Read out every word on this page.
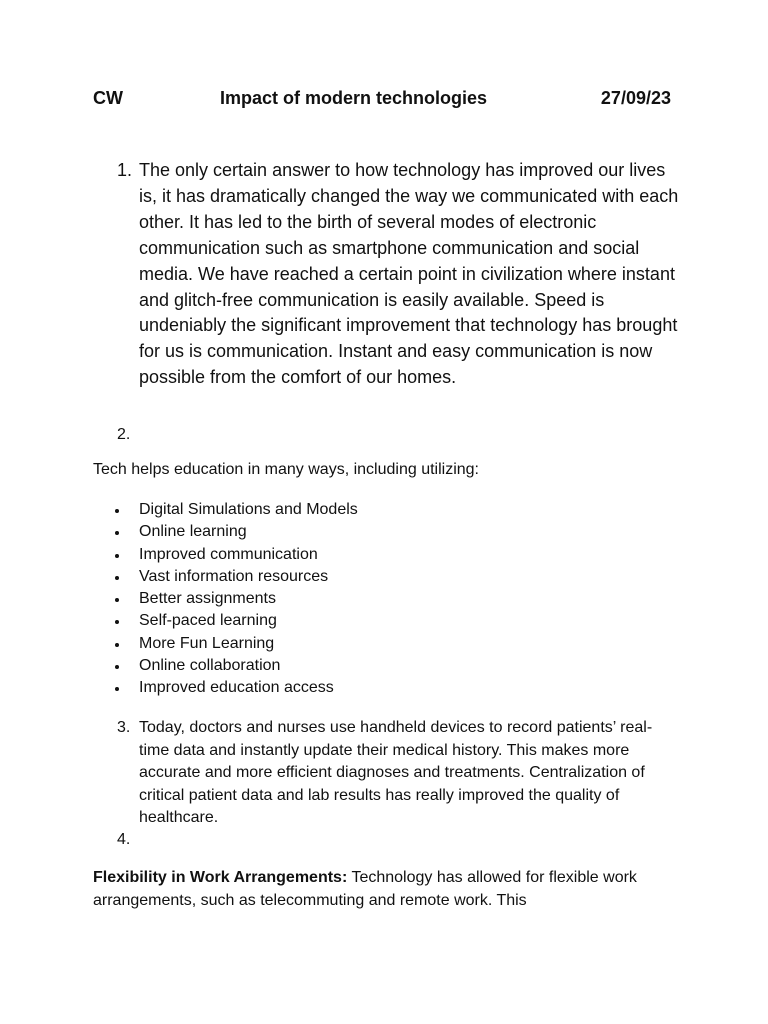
CW	Impact of modern technologies	27/09/23
1. The only certain answer to how technology has improved our lives is, it has dramatically changed the way we communicated with each other. It has led to the birth of several modes of electronic communication such as smartphone communication and social media. We have reached a certain point in civilization where instant and glitch-free communication is easily available. Speed is undeniably the significant improvement that technology has brought for us is communication. Instant and easy communication is now possible from the comfort of our homes.
2.
Tech helps education in many ways, including utilizing:
Digital Simulations and Models
Online learning
Improved communication
Vast information resources
Better assignments
Self-paced learning
More Fun Learning
Online collaboration
Improved education access
3. Today, doctors and nurses use handheld devices to record patients’ real-time data and instantly update their medical history. This makes more accurate and more efficient diagnoses and treatments. Centralization of critical patient data and lab results has really improved the quality of healthcare.
4.
Flexibility in Work Arrangements: Technology has allowed for flexible work arrangements, such as telecommuting and remote work. This
